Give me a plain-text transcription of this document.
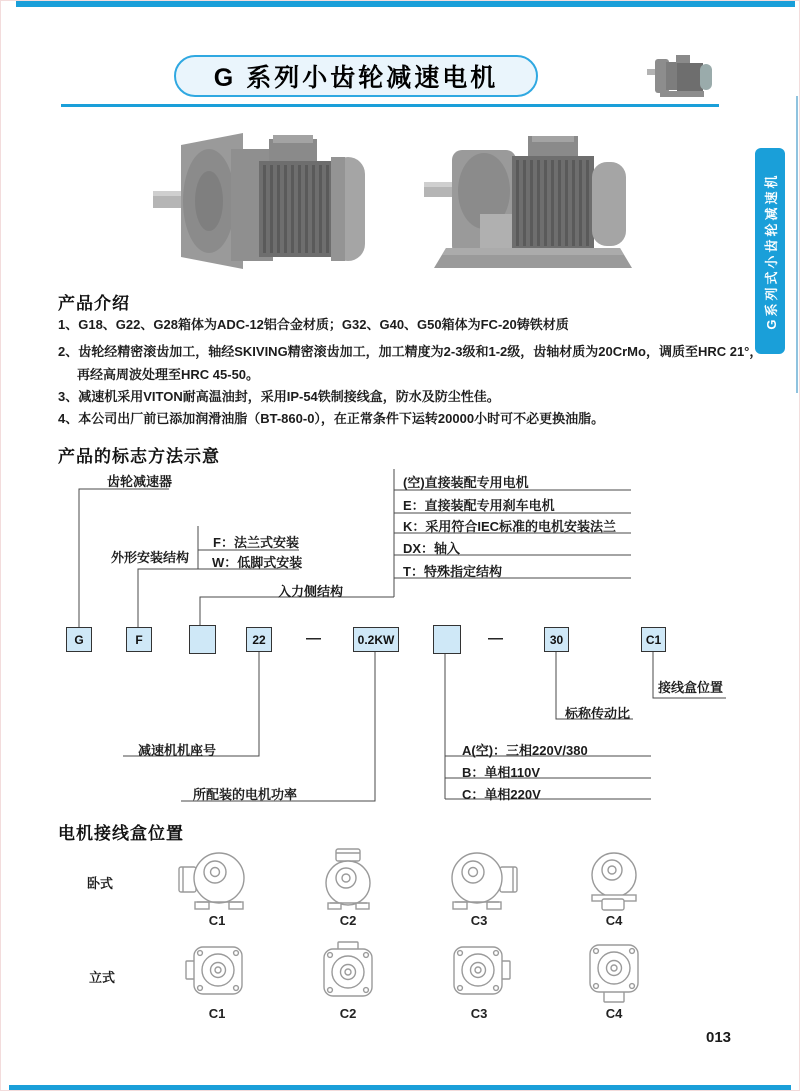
G 系列小齿轮减速电机
G系列式小齿轮减速机
产品介绍
1、G18、G22、G28箱体为ADC-12铝合金材质；G32、G40、G50箱体为FC-20铸铁材质
2、齿轮经精密滚齿加工，轴经SKIVING精密滚齿加工，加工精度为2-3级和1-2级，齿轴材质为20CrMo，调质至HRC 21°，
再经高周波处理至HRC 45-50。
3、减速机采用VITON耐高温油封，采用IP-54铁制接线盒，防水及防尘性佳。
4、本公司出厂前已添加润滑油脂（BT-860-0），在正常条件下运转20000小时可不必更换油脂。
产品的标志方法示意
齿轮减速器
外形安装结构
F：法兰式安装
W：低脚式安装
入力侧结构
(空)直接装配专用电机
E：直接装配专用刹车电机
K：采用符合IEC标准的电机安装法兰
DX：轴入
T：特殊指定结构
减速机机座号
所配装的电机功率
标称传动比
接线盒位置
A(空)：三相220V/380
B：单相110V
C：单相220V
G	F	22	—	0.2KW	—	30	C1
电机接线盒位置
卧式
立式
C1	C2	C3	C4
C1	C2	C3	C4
013
